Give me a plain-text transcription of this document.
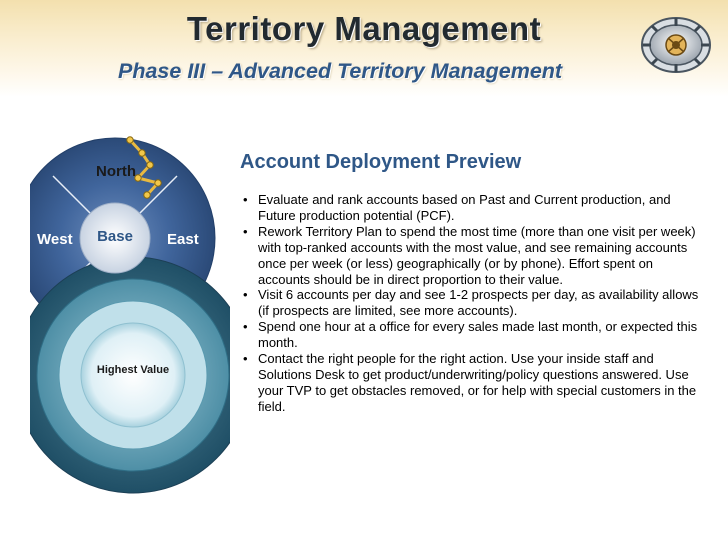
Territory Management
Phase III – Advanced Territory Management
North
West	East
Base
Highest Value
Account Deployment Preview
• Evaluate and rank accounts based on Past and Current production, and Future production potential (PCF).
• Rework Territory Plan to spend the most time (more than one visit per week) with top-ranked accounts with the most value, and see remaining accounts once per week (or less) geographically (or by phone). Effort spent on accounts should be in direct proportion to their value.
• Visit 6 accounts per day and see 1-2 prospects per day, as availability allows (if prospects are limited, see more accounts).
• Spend one hour at a office for every sales made last month, or expected this month.
• Contact the right people for the right action. Use your inside staff and Solutions Desk to get product/underwriting/policy questions answered. Use your TVP to get obstacles removed, or for help with special customers in the field.
